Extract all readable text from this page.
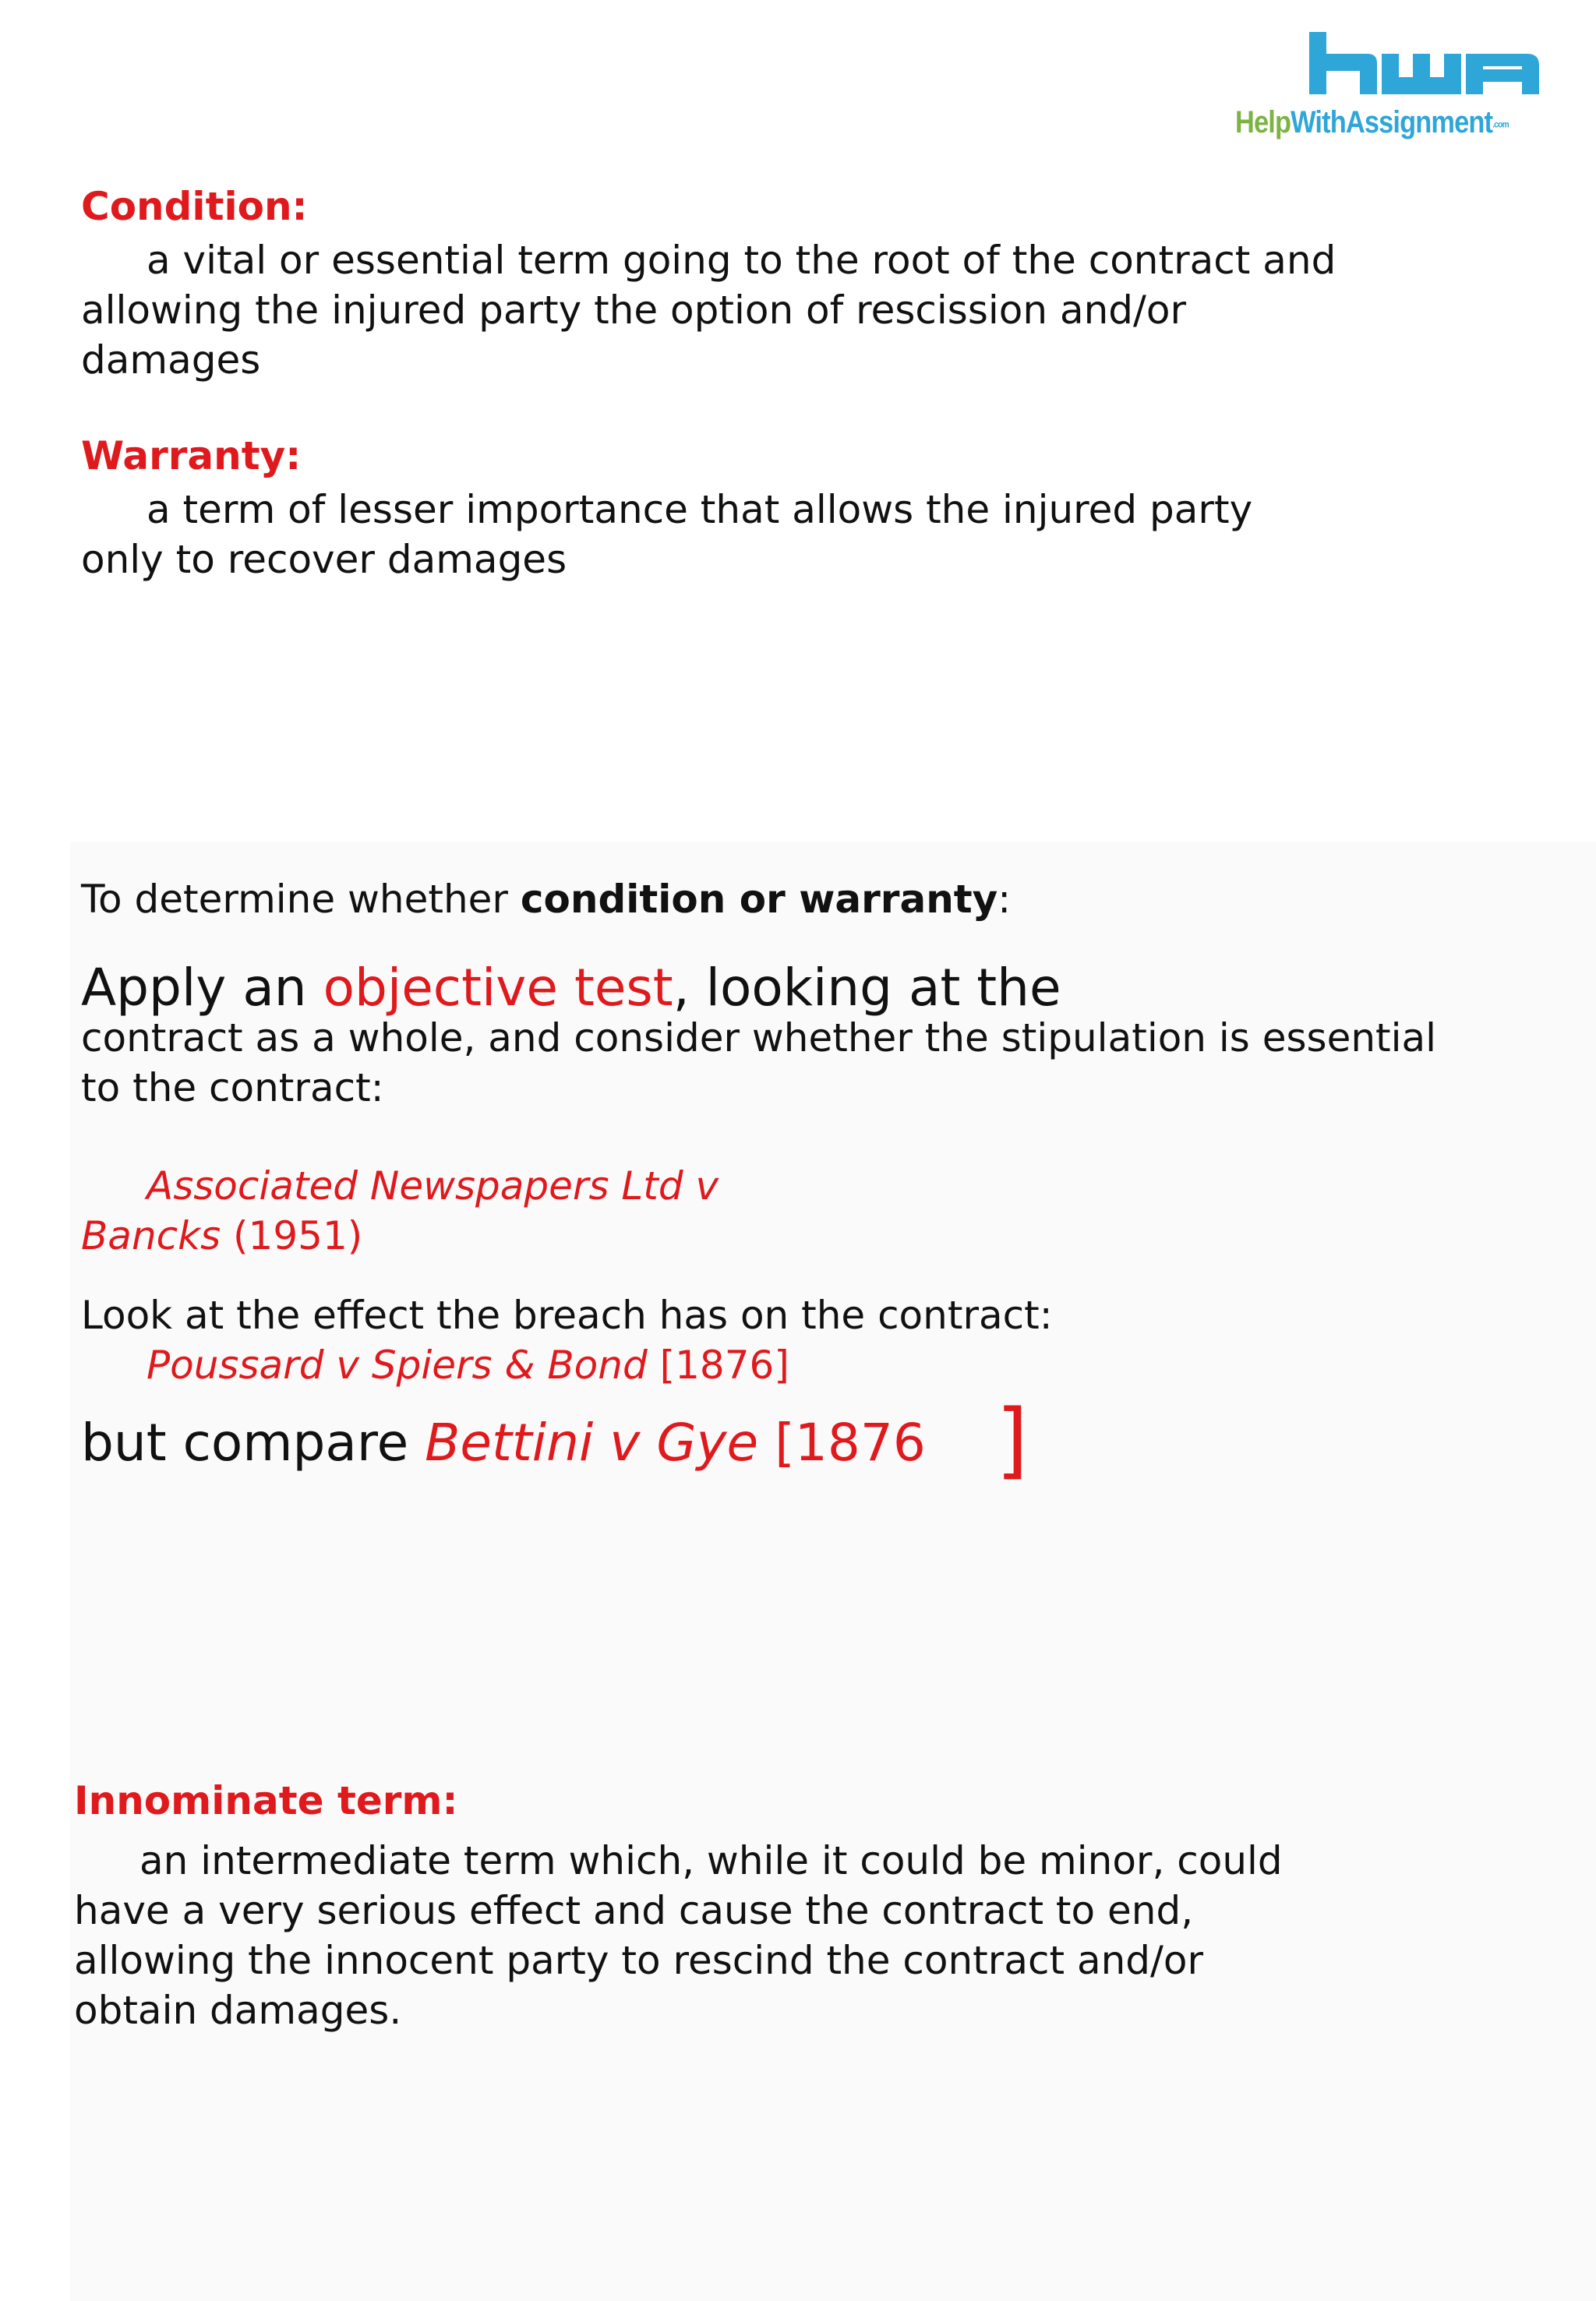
HelpWithAssignment.com
Condition:
a vital or essential term going to the root of the contract and
allowing the injured party the option of rescission and/or
damages
Warranty:
a term of lesser importance that allows the injured party
only to recover damages
To determine whether condition or warranty:
Apply an objective test, looking at the
contract as a whole, and consider whether the stipulation is essential
to the contract:
Associated Newspapers Ltd v
Bancks (1951)
Look at the effect the breach has on the contract:
Poussard v Spiers & Bond [1876]
but compare Bettini v Gye [1876 ]
Innominate term:
an intermediate term which, while it could be minor, could
have a very serious effect and cause the contract to end,
allowing the innocent party to rescind the contract and/or
obtain damages.
